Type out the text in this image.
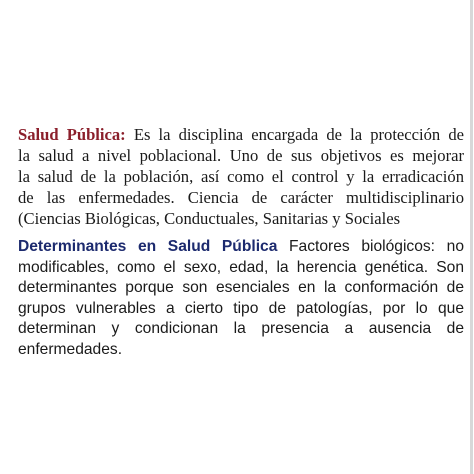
Salud Pública: Es la disciplina encargada de la protección de
la salud a nivel poblacional. Uno de sus objetivos es mejorar
la salud de la población, así como el control y la erradicación
de las enfermedades. Ciencia de carácter multidisciplinario
(Ciencias Biológicas, Conductuales, Sanitarias y Sociales
Determinantes en Salud Pública Factores biológicos: no
modificables, como el sexo, edad, la herencia genética. Son
determinantes porque son esenciales en la conformación de
grupos vulnerables a cierto tipo de patologías, por lo que
determinan y condicionan la presencia a ausencia de
enfermedades.
